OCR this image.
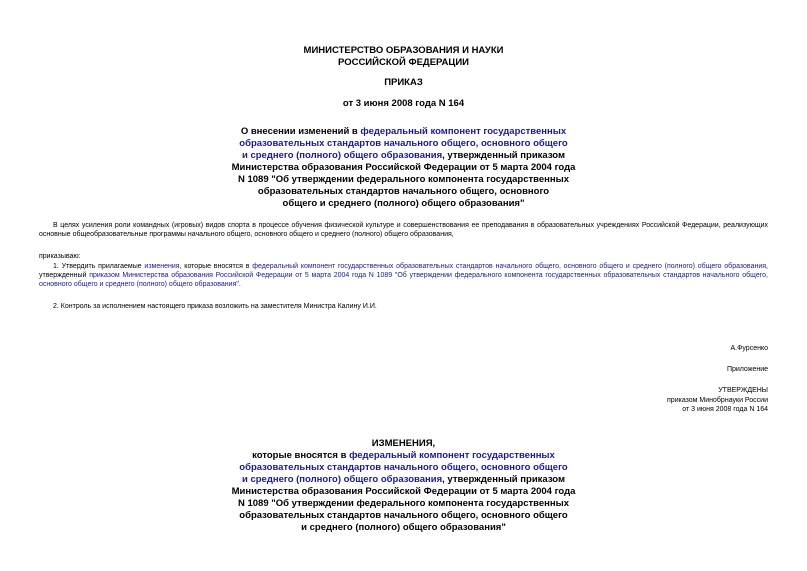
МИНИСТЕРСТВО ОБРАЗОВАНИЯ И НАУКИ
РОССИЙСКОЙ ФЕДЕРАЦИИ
ПРИКАЗ
от 3 июня 2008 года N 164
О внесении изменений в федеральный компонент государственных
образовательных стандартов начального общего, основного общего
и среднего (полного) общего образования, утвержденный приказом
Министерства образования Российской Федерации от 5 марта 2004 года
N 1089 "Об утверждении федерального компонента государственных
образовательных стандартов начального общего, основного
общего и среднего (полного) общего образования"
В целях усиления роли командных (игровых) видов спорта в процессе обучения физической культуре и совершенствования ее преподавания в образовательных учреждениях Российской Федерации, реализующих основные общеобразовательные программы начального общего, основного общего и среднего (полного) общего образования,
приказываю:
1. Утвердить прилагаемые изменения, которые вносятся в федеральный компонент государственных образовательных стандартов начального общего, основного общего и среднего (полного) общего образования, утвержденный приказом Министерства образования Российской Федерации от 5 марта 2004 года N 1089 "Об утверждении федерального компонента государственных образовательных стандартов начального общего, основного общего и среднего (полного) общего образования".
2. Контроль за исполнением настоящего приказа возложить на заместителя Министра Калину И.И.
А.Фурсенко
Приложение
УТВЕРЖДЕНЫ
приказом Минобрнауки России
от 3 июня 2008 года N 164
ИЗМЕНЕНИЯ,
которые вносятся в федеральный компонент государственных
образовательных стандартов начального общего, основного общего
и среднего (полного) общего образования, утвержденный приказом
Министерства образования Российской Федерации от 5 марта 2004 года
N 1089 "Об утверждении федерального компонента государственных
образовательных стандартов начального общего, основного общего
и среднего (полного) общего образования"
